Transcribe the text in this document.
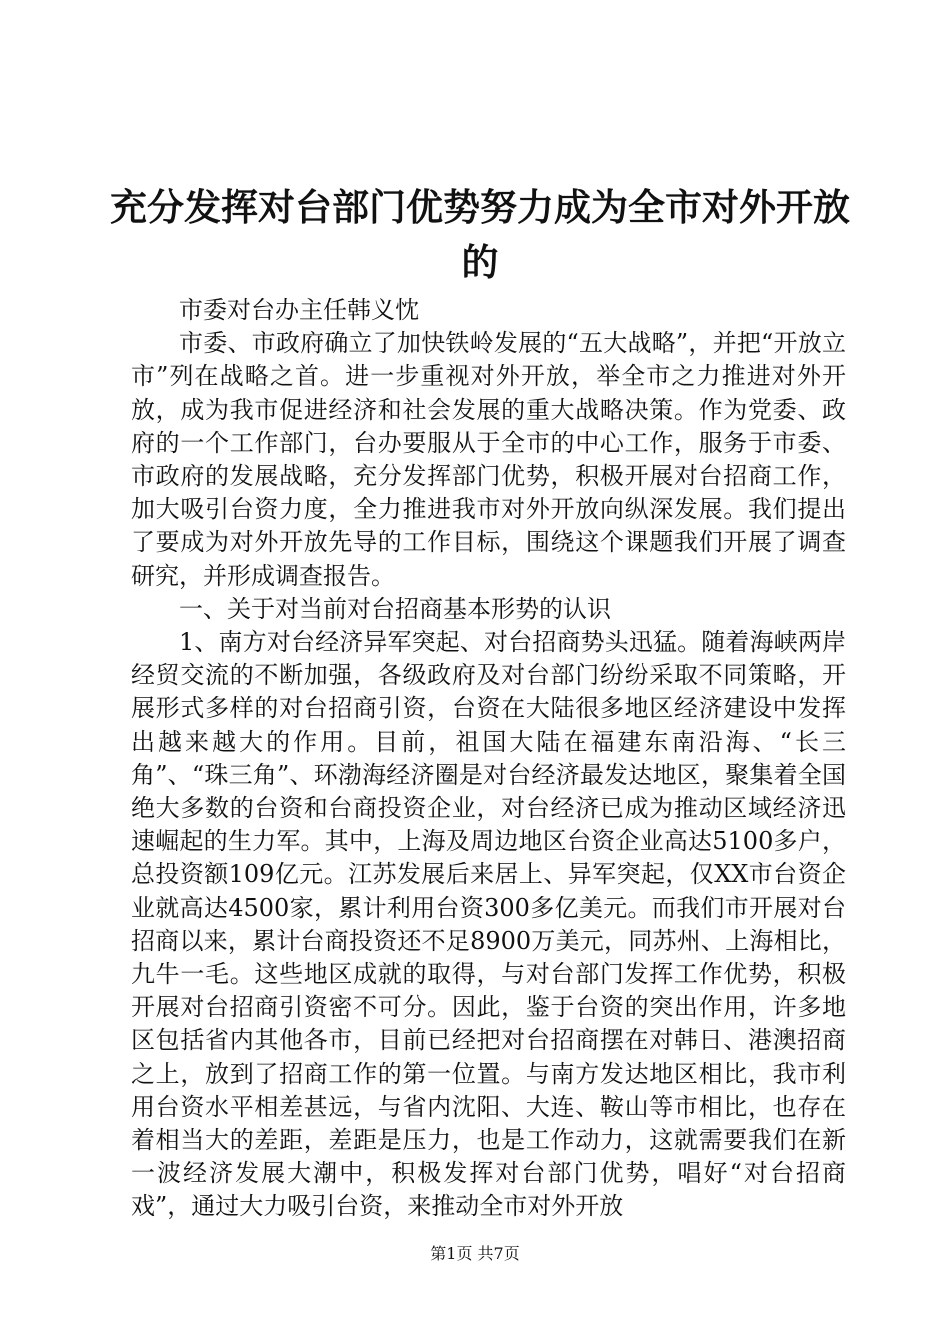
充分发挥对台部门优势努力成为全市对外开放的

市委对台办主任韩义忱

市委、市政府确立了加快铁岭发展的“五大战略”，并把“开放立市”列在战略之首。进一步重视对外开放，举全市之力推进对外开放，成为我市促进经济和社会发展的重大战略决策。作为党委、政府的一个工作部门，台办要服从于全市的中心工作，服务于市委、市政府的发展战略，充分发挥部门优势，积极开展对台招商工作，加大吸引台资力度，全力推进我市对外开放向纵深发展。我们提出了要成为对外开放先导的工作目标，围绕这个课题我们开展了调查研究，并形成调查报告。

一、关于对当前对台招商基本形势的认识

1、南方对台经济异军突起、对台招商势头迅猛。随着海峡两岸经贸交流的不断加强，各级政府及对台部门纷纷采取不同策略，开展形式多样的对台招商引资，台资在大陆很多地区经济建设中发挥出越来越大的作用。目前，祖国大陆在福建东南沿海、“长三角”、“珠三角”、环渤海经济圈是对台经济最发达地区，聚集着全国绝大多数的台资和台商投资企业，对台经济已成为推动区域经济迅速崛起的生力军。其中，上海及周边地区台资企业高达5100多户，总投资额109亿元。江苏发展后来居上、异军突起，仅XX市台资企业就高达4500家，累计利用台资300多亿美元。而我们市开展对台招商以来，累计台商投资还不足8900万美元，同苏州、上海相比，九牛一毛。这些地区成就的取得，与对台部门发挥工作优势，积极开展对台招商引资密不可分。因此，鉴于台资的突出作用，许多地区包括省内其他各市，目前已经把对台招商摆在对韩日、港澳招商之上，放到了招商工作的第一位置。与南方发达地区相比，我市利用台资水平相差甚远，与省内沈阳、大连、鞍山等市相比，也存在着相当大的差距，差距是压力，也是工作动力，这就需要我们在新一波经济发展大潮中，积极发挥对台部门优势，唱好“对台招商戏”，通过大力吸引台资，来推动全市对外开放

第1页 共7页
